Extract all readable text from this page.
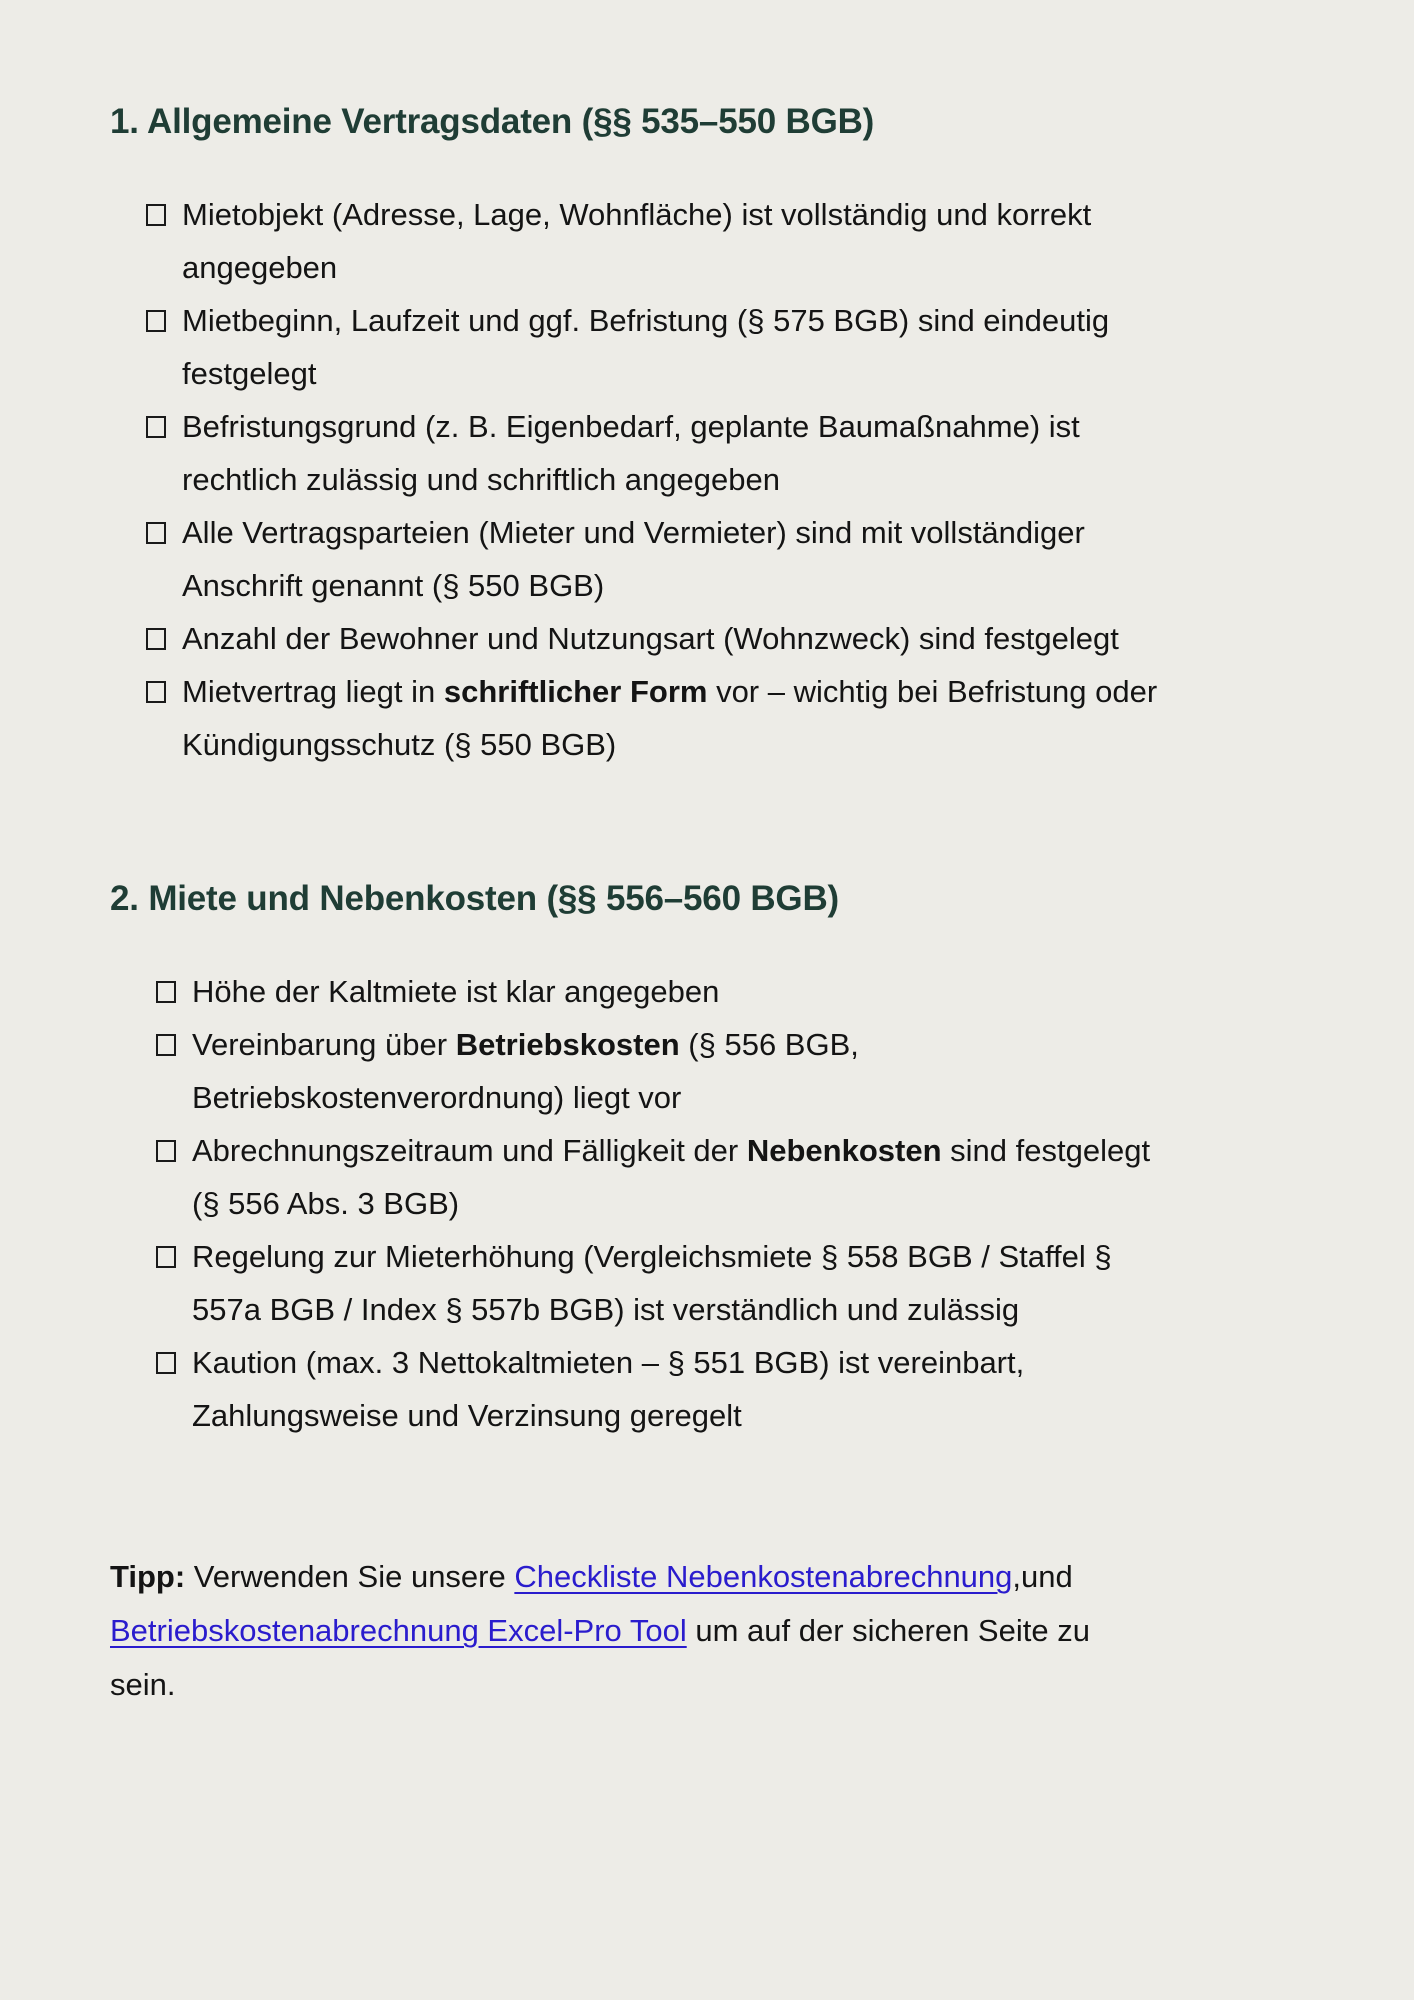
1. Allgemeine Vertragsdaten (§§ 535–550 BGB)
Mietobjekt (Adresse, Lage, Wohnfläche) ist vollständig und korrekt angegeben
Mietbeginn, Laufzeit und ggf. Befristung (§ 575 BGB) sind eindeutig festgelegt
Befristungsgrund (z. B. Eigenbedarf, geplante Baumaßnahme) ist rechtlich zulässig und schriftlich angegeben
Alle Vertragsparteien (Mieter und Vermieter) sind mit vollständiger Anschrift genannt (§ 550 BGB)
Anzahl der Bewohner und Nutzungsart (Wohnzweck) sind festgelegt
Mietvertrag liegt in schriftlicher Form vor – wichtig bei Befristung oder Kündigungsschutz (§ 550 BGB)
2. Miete und Nebenkosten (§§ 556–560 BGB)
Höhe der Kaltmiete ist klar angegeben
Vereinbarung über Betriebskosten (§ 556 BGB, Betriebskostenverordnung) liegt vor
Abrechnungszeitraum und Fälligkeit der Nebenkosten sind festgelegt (§ 556 Abs. 3 BGB)
Regelung zur Mieterhöhung (Vergleichsmiete § 558 BGB / Staffel § 557a BGB / Index § 557b BGB) ist verständlich und zulässig
Kaution (max. 3 Nettokaltmieten – § 551 BGB) ist vereinbart, Zahlungsweise und Verzinsung geregelt

Tipp: Verwenden Sie unsere Checkliste Nebenkostenabrechnung,und Betriebskostenabrechnung Excel-Pro Tool um auf der sicheren Seite zu sein.
